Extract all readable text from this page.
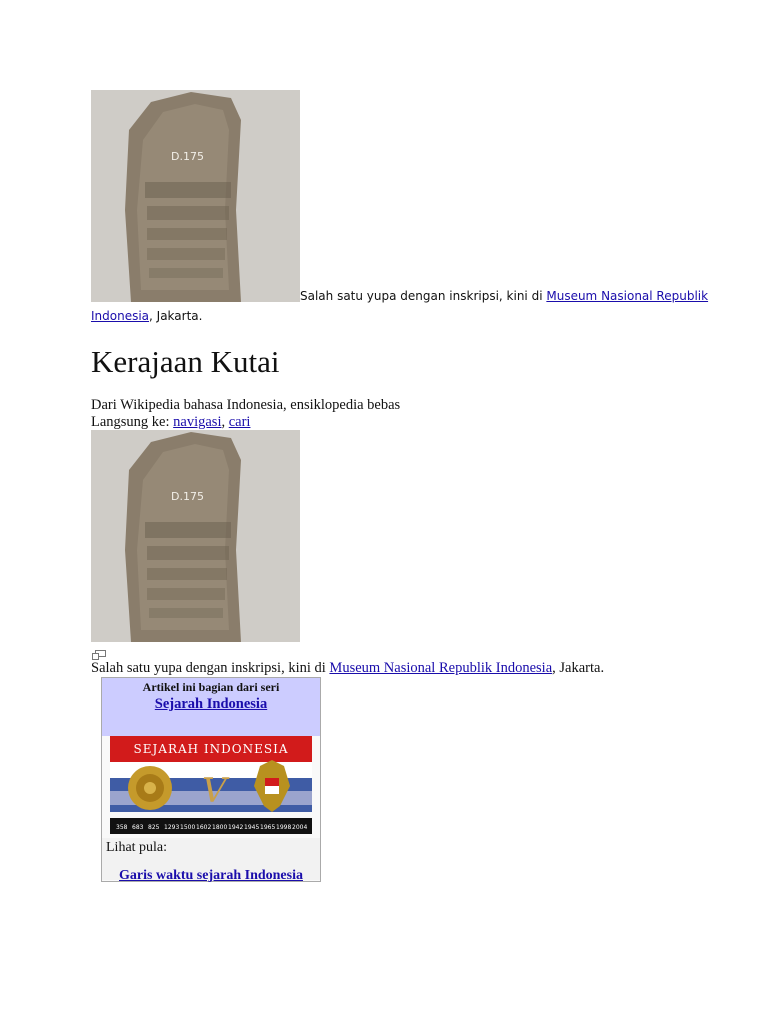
D.175
Salah satu yupa dengan inskripsi, kini di Museum Nasional Republik
Indonesia, Jakarta.
Kerajaan Kutai
Dari Wikipedia bahasa Indonesia, ensiklopedia bebas
Langsung ke: navigasi, cari
D.175
Salah satu yupa dengan inskripsi, kini di Museum Nasional Republik Indonesia, Jakarta.
Artikel ini bagian dari seri
Sejarah Indonesia
SEJARAH INDONESIA
V
358 683 825 1293 1500 1602 1800 1942 1945 1965 1998 2004
Lihat pula:
Garis waktu sejarah Indonesia
